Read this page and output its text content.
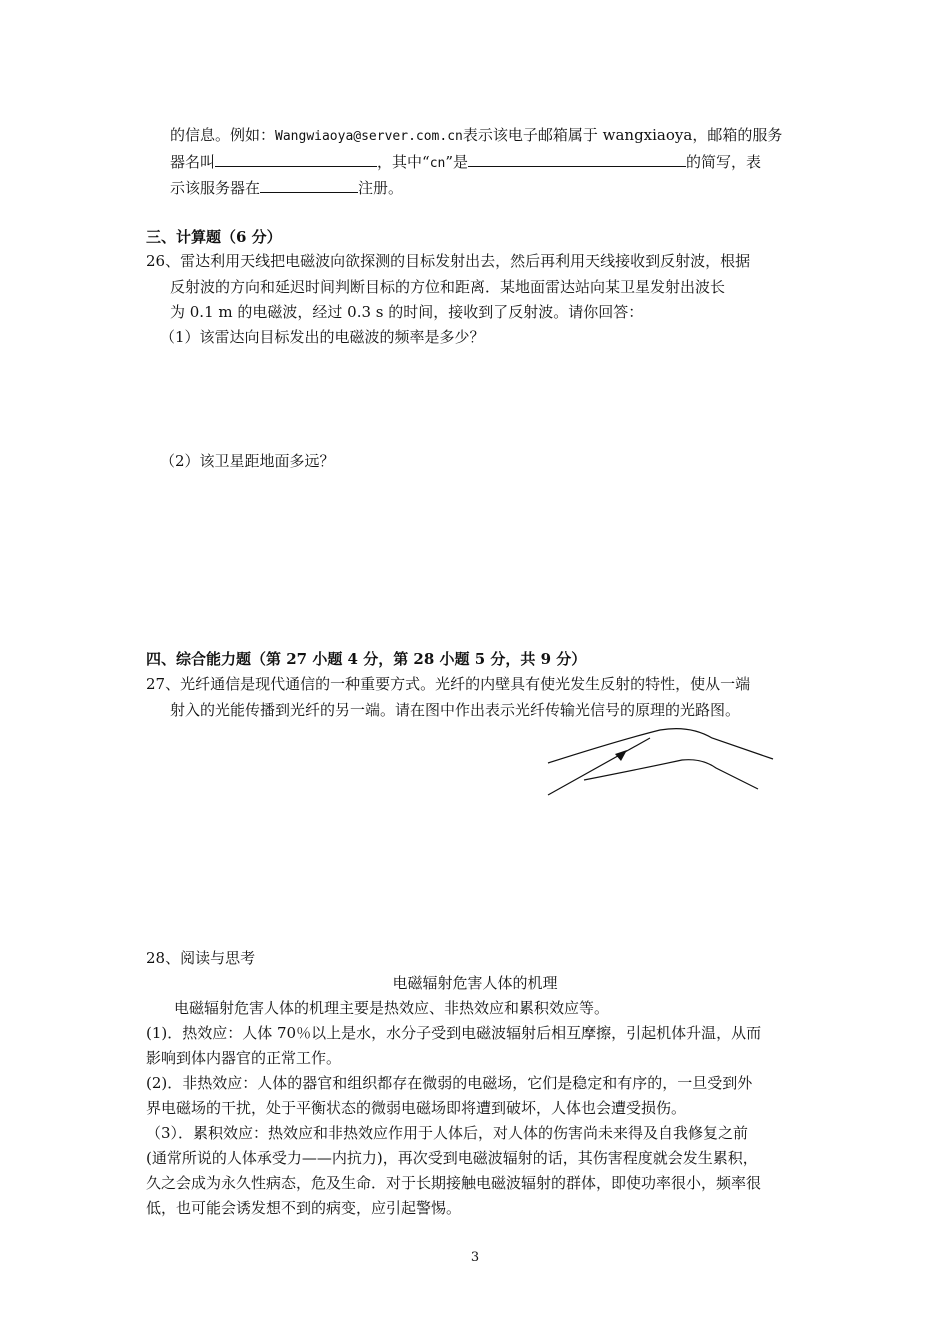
的信息。例如：Wangwiaoya@server.com.cn表示该电子邮箱属于 wangxiaoya，邮箱的服务
器名叫	，其中“cn”是	的简写，表
示该服务器在	注册。
三、计算题（6 分）
26、雷达利用天线把电磁波向欲探测的目标发射出去，然后再利用天线接收到反射波，根据
反射波的方向和延迟时间判断目标的方位和距离．某地面雷达站向某卫星发射出波长
为 0.1 m 的电磁波，经过 0.3 s 的时间，接收到了反射波。请你回答：
（1）该雷达向目标发出的电磁波的频率是多少？
（2）该卫星距地面多远？
四、综合能力题（第 27 小题 4 分，第 28 小题 5 分，共 9 分）
27、光纤通信是现代通信的一种重要方式。光纤的内壁具有使光发生反射的特性，使从一端
射入的光能传播到光纤的另一端。请在图中作出表示光纤传输光信号的原理的光路图。
28、阅读与思考
电磁辐射危害人体的机理
电磁辐射危害人体的机理主要是热效应、非热效应和累积效应等。
(1)．热效应：人体 70％以上是水，水分子受到电磁波辐射后相互摩擦，引起机体升温，从而
影响到体内器官的正常工作。
(2)．非热效应：人体的器官和组织都存在微弱的电磁场，它们是稳定和有序的，一旦受到外
界电磁场的干扰，处于平衡状态的微弱电磁场即将遭到破坏，人体也会遭受损伤。
（3）．累积效应：热效应和非热效应作用于人体后，对人体的伤害尚未来得及自我修复之前
(通常所说的人体承受力——内抗力)，再次受到电磁波辐射的话，其伤害程度就会发生累积，
久之会成为永久性病态，危及生命．对于长期接触电磁波辐射的群体，即使功率很小，频率很
低，也可能会诱发想不到的病变，应引起警惕。
3
